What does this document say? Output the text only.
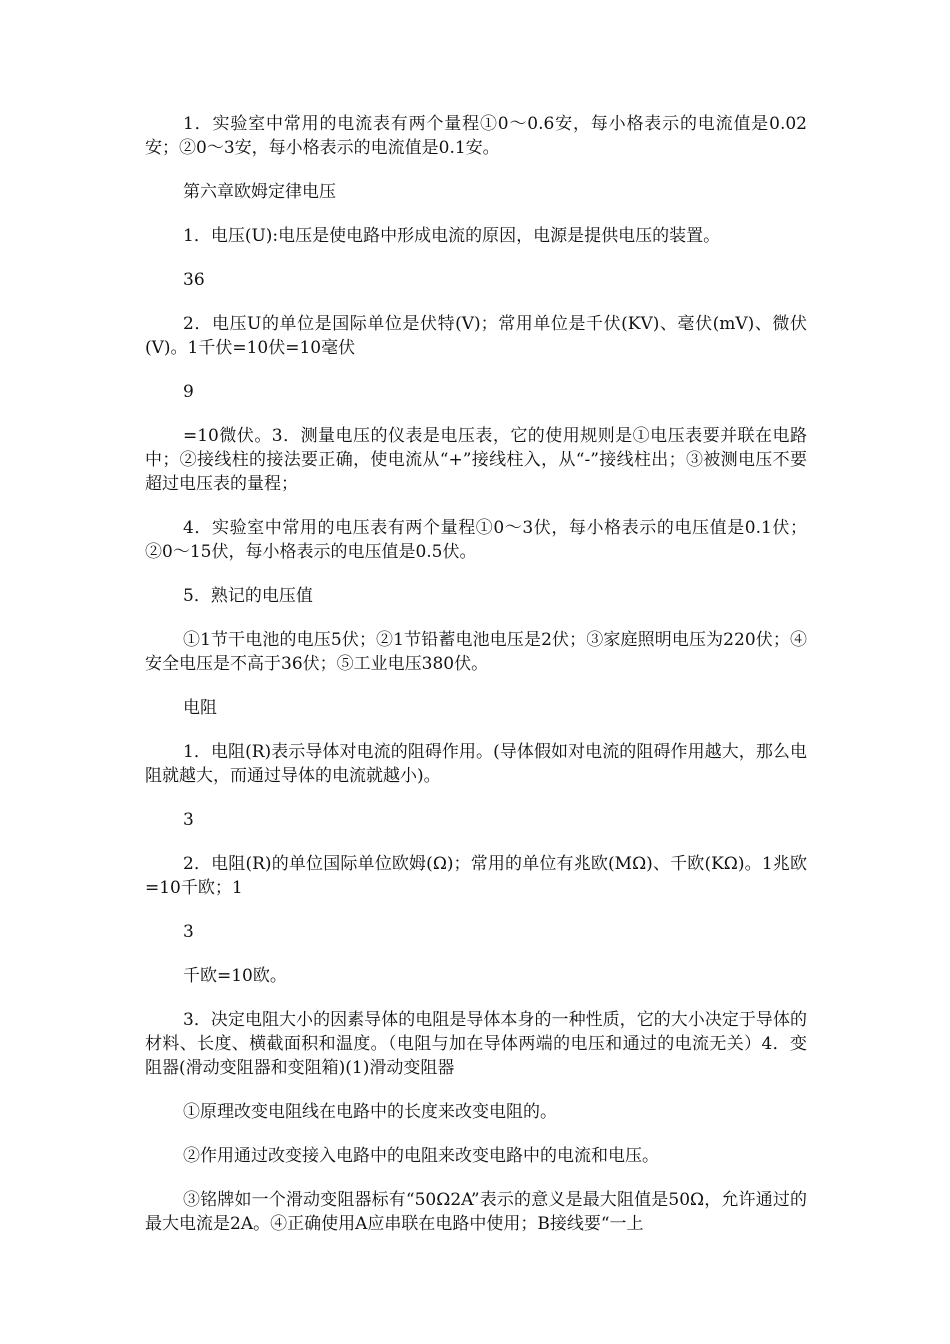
1．实验室中常用的电流表有两个量程①0～0.6安，每小格表示的电流值是0.02安；②0～3安，每小格表示的电流值是0.1安。

第六章欧姆定律电压

1．电压(U):电压是使电路中形成电流的原因，电源是提供电压的装置。

36

2．电压U的单位是国际单位是伏特(V)；常用单位是千伏(KV)、毫伏(mV)、微伏(V)。1千伏=10伏=10毫伏

9

=10微伏。3．测量电压的仪表是电压表，它的使用规则是①电压表要并联在电路中；②接线柱的接法要正确，使电流从“+”接线柱入，从“-”接线柱出；③被测电压不要超过电压表的量程；

4．实验室中常用的电压表有两个量程①0～3伏，每小格表示的电压值是0.1伏；②0～15伏，每小格表示的电压值是0.5伏。

5．熟记的电压值

①1节干电池的电压5伏；②1节铅蓄电池电压是2伏；③家庭照明电压为220伏；④安全电压是不高于36伏；⑤工业电压380伏。

电阻

1．电阻(R)表示导体对电流的阻碍作用。(导体假如对电流的阻碍作用越大，那么电阻就越大，而通过导体的电流就越小)。

3

2．电阻(R)的单位国际单位欧姆(Ω)；常用的单位有兆欧(MΩ)、千欧(KΩ)。1兆欧=10千欧；1

3

千欧=10欧。

3．决定电阻大小的因素导体的电阻是导体本身的一种性质，它的大小决定于导体的材料、长度、横截面积和温度。（电阻与加在导体两端的电压和通过的电流无关）4．变阻器(滑动变阻器和变阻箱)(1)滑动变阻器

①原理改变电阻线在电路中的长度来改变电阻的。

②作用通过改变接入电路中的电阻来改变电路中的电流和电压。

③铭牌如一个滑动变阻器标有“50Ω2A”表示的意义是最大阻值是50Ω，允许通过的最大电流是2A。④正确使用A应串联在电路中使用；B接线要“一上
